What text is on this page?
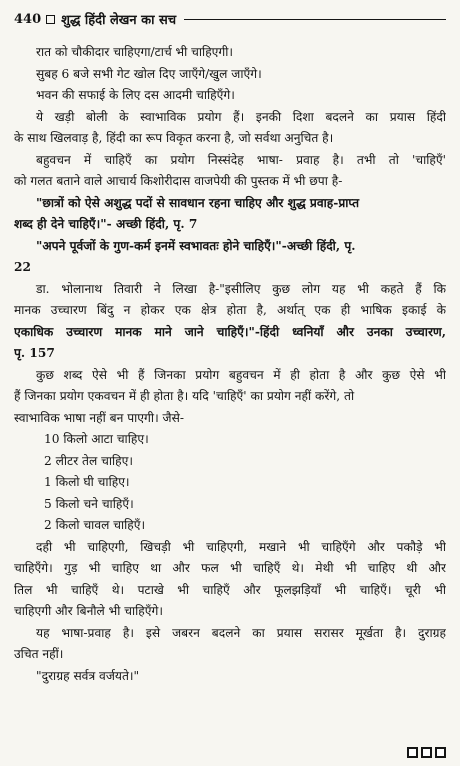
440 शुद्ध हिंदी लेखन का सच
रात को चौकीदार चाहिएगा/टार्च भी चाहिएगी।
सुबह 6 बजे सभी गेट खोल दिए जाएँगे/खुल जाएँगे।
भवन की सफाई के लिए दस आदमी चाहिएँगे।
ये खड़ी बोली के स्वाभाविक प्रयोग हैं। इनकी दिशा बदलने का प्रयास हिंदी
के साथ खिलवाड़ है, हिंदी का रूप विकृत करना है, जो सर्वथा अनुचित है।
बहुवचन में चाहिएँ का प्रयोग निस्संदेह भाषा- प्रवाह है। तभी तो 'चाहिएँ'
को गलत बताने वाले आचार्य किशोरीदास वाजपेयी की पुस्तक में भी छपा है-
"छात्रों को ऐसे अशुद्ध पदों से सावधान रहना चाहिए और शुद्ध प्रवाह-प्राप्त
शब्द ही देने चाहिएँ।"- अच्छी हिंदी, पृ. 7
"अपने पूर्वजों के गुण-कर्म इनमें स्वभावतः होने चाहिएँ।"-अच्छी हिंदी, पृ.
22
डा. भोलानाथ तिवारी ने लिखा है-"इसीलिए कुछ लोग यह भी कहते हैं कि
मानक उच्चारण बिंदु न होकर एक क्षेत्र होता है, अर्थात् एक ही भाषिक इकाई के
एकाधिक उच्चारण मानक माने जाने चाहिएँ।"-हिंदी ध्वनियाँ और उनका उच्चारण,
पृ. 157
कुछ शब्द ऐसे भी हैं जिनका प्रयोग बहुवचन में ही होता है और कुछ ऐसे भी
हैं जिनका प्रयोग एकवचन में ही होता है। यदि 'चाहिएँ' का प्रयोग नहीं करेंगे, तो
स्वाभाविक भाषा नहीं बन पाएगी। जैसे-
10 किलो आटा चाहिए।
2 लीटर तेल चाहिए।
1 किलो घी चाहिए।
5 किलो चने चाहिएँ।
2 किलो चावल चाहिएँ।
दही भी चाहिएगी, खिचड़ी भी चाहिएगी, मखाने भी चाहिएँगे और पकौड़े भी
चाहिएँगे। गुड़ भी चाहिए था और फल भी चाहिएँ थे। मेथी भी चाहिए थी और
तिल भी चाहिएँ थे। पटाखे भी चाहिएँ और फूलझड़ियाँ भी चाहिएँ। चूरी भी
चाहिएगी और बिनौले भी चाहिएँगे।
यह भाषा-प्रवाह है। इसे जबरन बदलने का प्रयास सरासर मूर्खता है। दुराग्रह
उचित नहीं।
"दुराग्रह सर्वत्र वर्जयते।"
